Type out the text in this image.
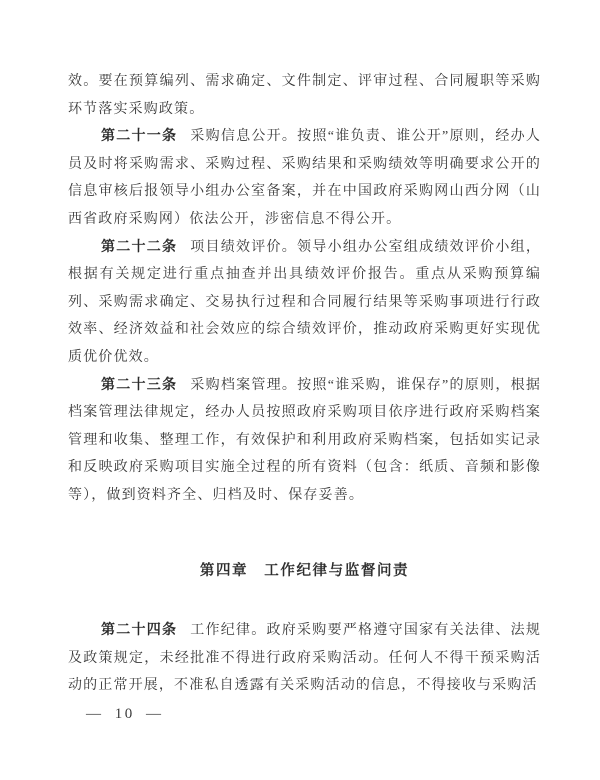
效。要在预算编列、需求确定、文件制定、评审过程、合同履职等采购环节落实采购政策。

第二十一条 采购信息公开。按照“谁负责、谁公开”原则，经办人员及时将采购需求、采购过程、采购结果和采购绩效等明确要求公开的信息审核后报领导小组办公室备案，并在中国政府采购网山西分网（山西省政府采购网）依法公开，涉密信息不得公开。

第二十二条 项目绩效评价。领导小组办公室组成绩效评价小组，根据有关规定进行重点抽查并出具绩效评价报告。重点从采购预算编列、采购需求确定、交易执行过程和合同履行结果等采购事项进行行政效率、经济效益和社会效应的综合绩效评价，推动政府采购更好实现优质优价优效。

第二十三条 采购档案管理。按照“谁采购，谁保存”的原则，根据档案管理法律规定，经办人员按照政府采购项目依序进行政府采购档案管理和收集、整理工作，有效保护和利用政府采购档案，包括如实记录和反映政府采购项目实施全过程的所有资料（包含：纸质、音频和影像等），做到资料齐全、归档及时、保存妥善。

第四章　工作纪律与监督问责

第二十四条 工作纪律。政府采购要严格遵守国家有关法律、法规及政策规定，未经批准不得进行政府采购活动。任何人不得干预采购活动的正常开展，不准私自透露有关采购活动的信息，不得接收与采购活

— 10 —
